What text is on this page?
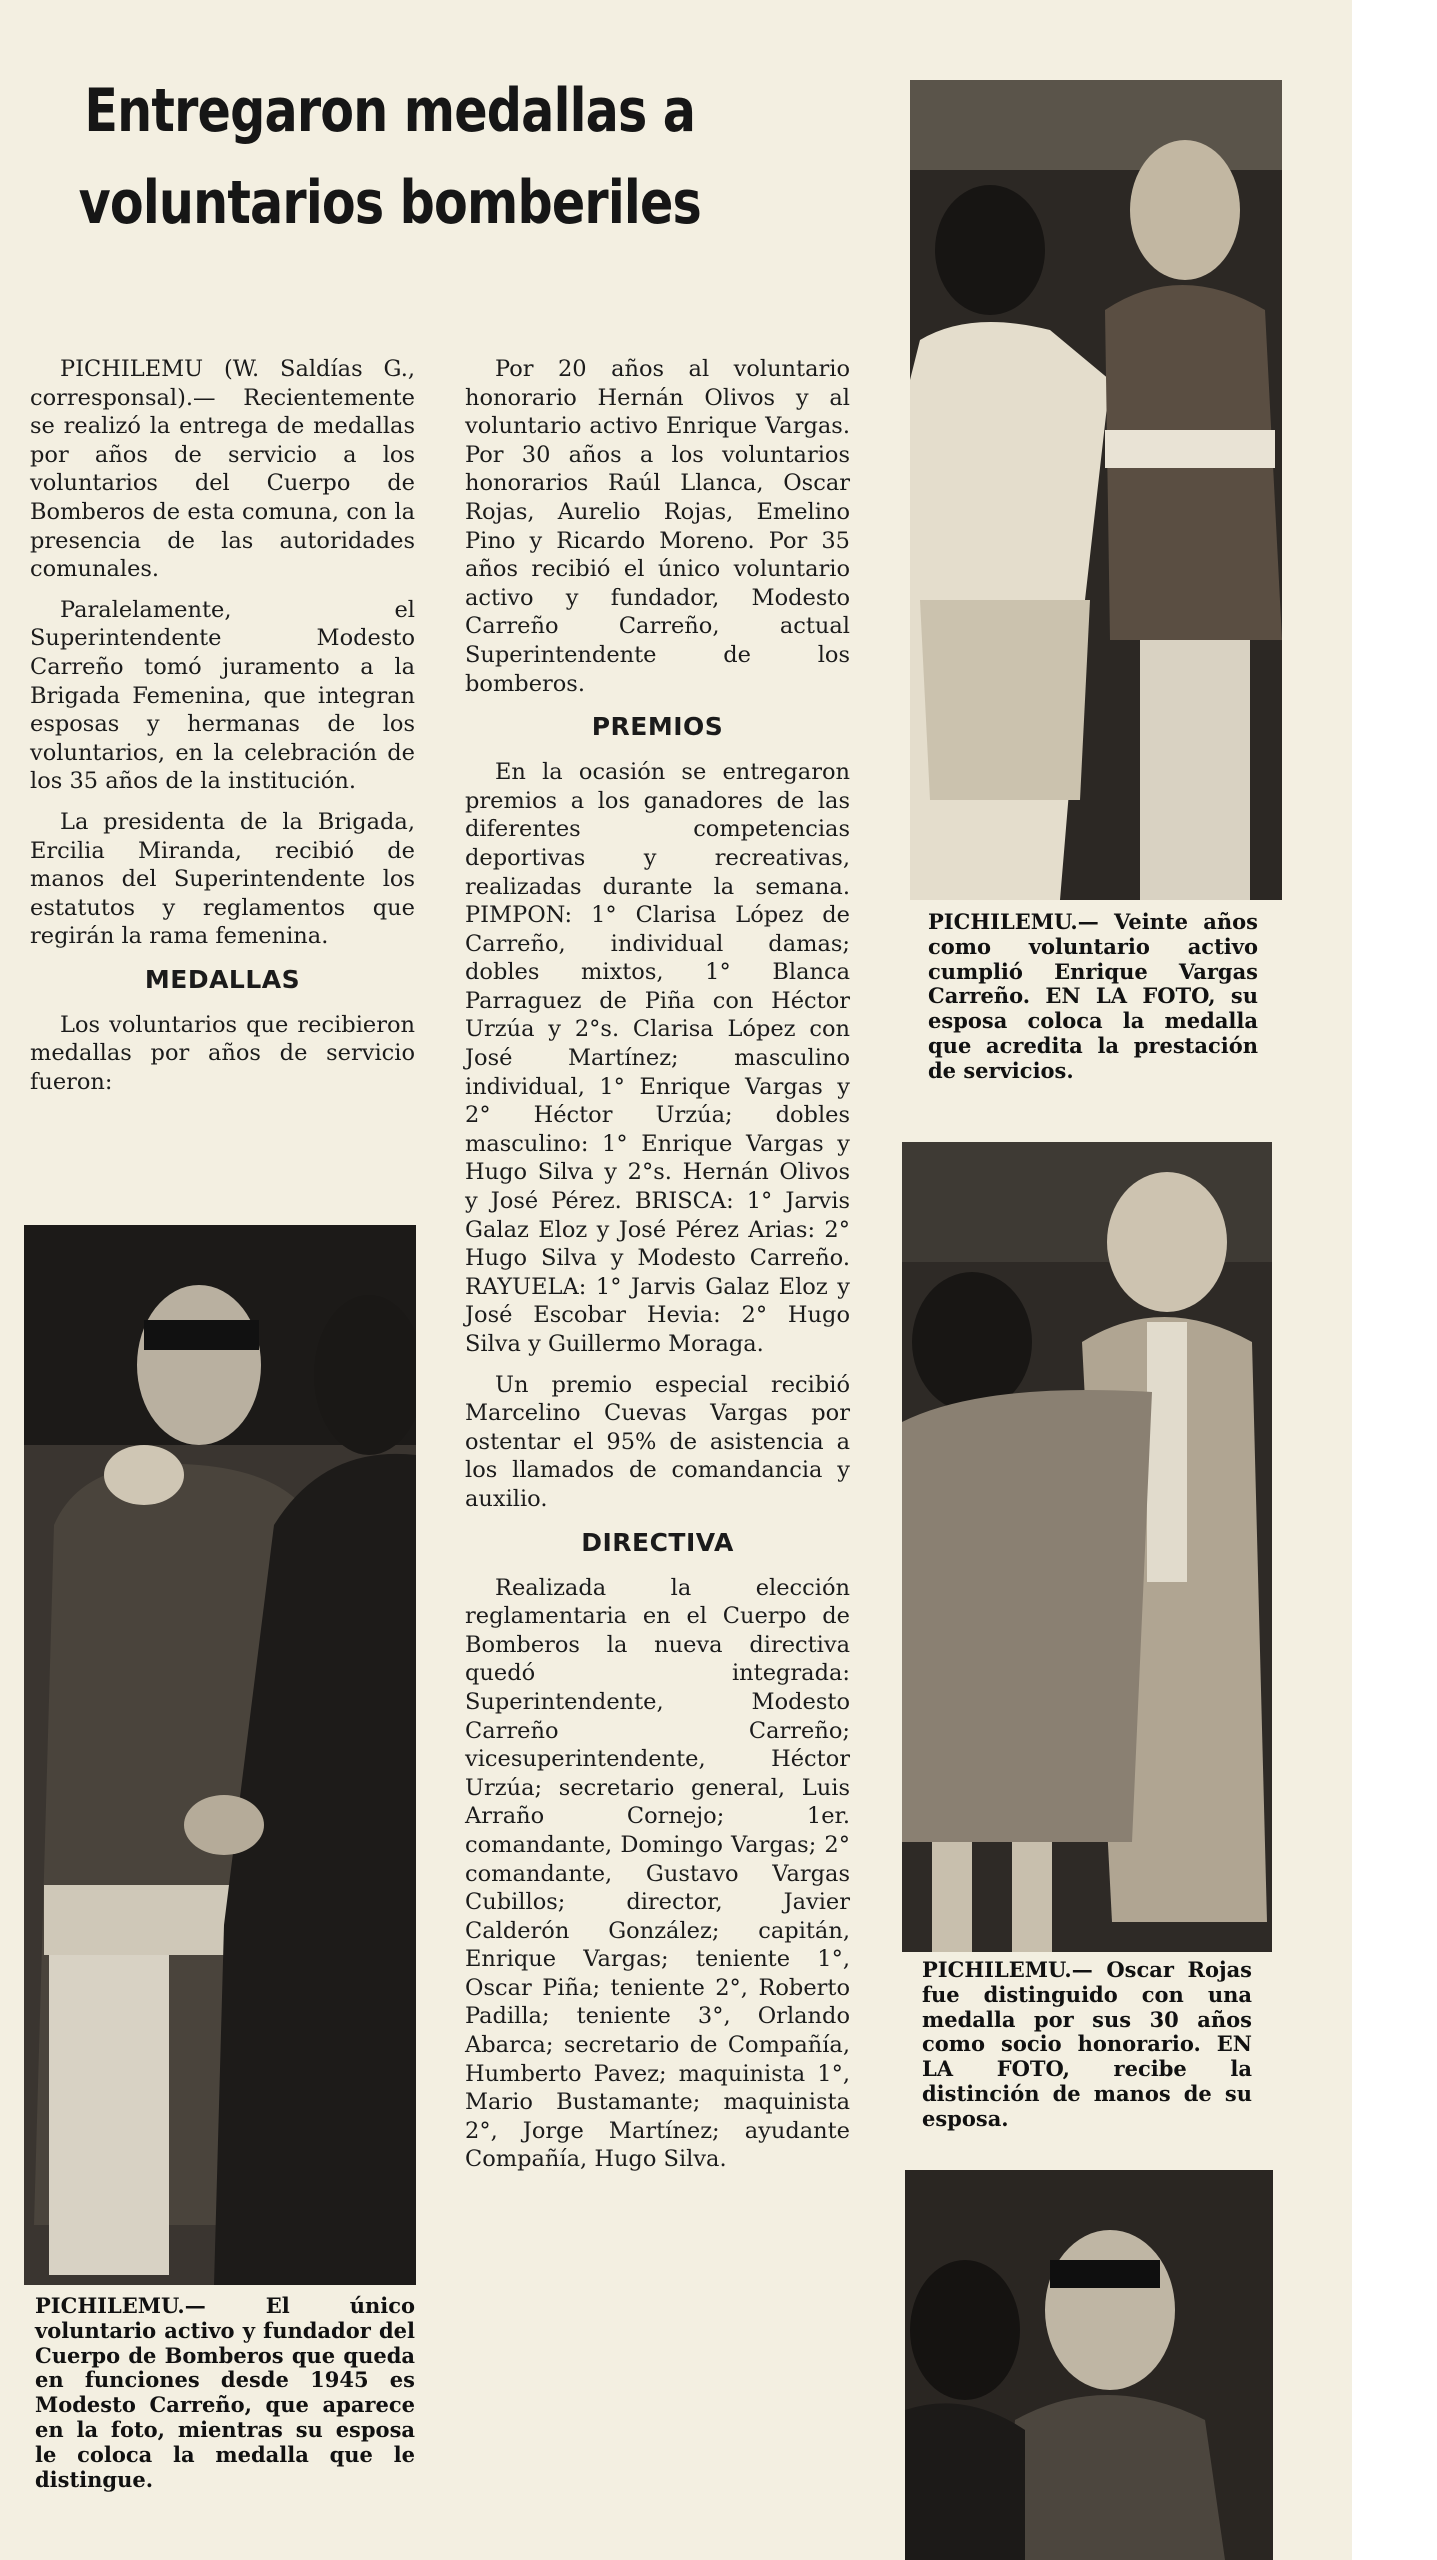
Entregaron medallas a voluntarios bomberiles

PICHILEMU (W. Saldías G., corresponsal).— Recientemente se realizó la entrega de medallas por años de servicio a los voluntarios del Cuerpo de Bomberos de esta comuna, con la presencia de las autoridades comunales.

Paralelamente, el Superintendente Modesto Carreño tomó juramento a la Brigada Femenina, que integran esposas y hermanas de los voluntarios, en la celebración de los 35 años de la institución.

La presidenta de la Brigada, Ercilia Miranda, recibió de manos del Superintendente los estatutos y reglamentos que regirán la rama femenina.

MEDALLAS

Los voluntarios que recibieron medallas por años de servicio fueron:

PICHILEMU.— El único voluntario activo y fundador del Cuerpo de Bomberos que queda en funciones desde 1945 es Modesto Carreño, que aparece en la foto, mientras su esposa le coloca la medalla que le distingue.

Por 20 años al voluntario honorario Hernán Olivos y al voluntario activo Enrique Vargas. Por 30 años a los voluntarios honorarios Raúl Llanca, Oscar Rojas, Aurelio Rojas, Emelino Pino y Ricardo Moreno. Por 35 años recibió el único voluntario activo y fundador, Modesto Carreño Carreño, actual Superintendente de los bomberos.

PREMIOS

En la ocasión se entregaron premios a los ganadores de las diferentes competencias deportivas y recreativas, realizadas durante la semana. PIMPON: 1° Clarisa López de Carreño, individual damas; dobles mixtos, 1° Blanca Parraguez de Piña con Héctor Urzúa y 2°s. Clarisa López con José Martínez; masculino individual, 1° Enrique Vargas y 2° Héctor Urzúa; dobles masculino: 1° Enrique Vargas y Hugo Silva y 2°s. Hernán Olivos y José Pérez. BRISCA: 1° Jarvis Galaz Eloz y José Pérez Arias: 2° Hugo Silva y Modesto Carreño. RAYUELA: 1° Jarvis Galaz Eloz y José Escobar Hevia: 2° Hugo Silva y Guillermo Moraga.

Un premio especial recibió Marcelino Cuevas Vargas por ostentar el 95% de asistencia a los llamados de comandancia y auxilio.

DIRECTIVA

Realizada la elección reglamentaria en el Cuerpo de Bomberos la nueva directiva quedó integrada: Superintendente, Modesto Carreño Carreño; vicesuperintendente, Héctor Urzúa; secretario general, Luis Arraño Cornejo; 1er. comandante, Domingo Vargas; 2° comandante, Gustavo Vargas Cubillos; director, Javier Calderón González; capitán, Enrique Vargas; teniente 1°, Oscar Piña; teniente 2°, Roberto Padilla; teniente 3°, Orlando Abarca; secretario de Compañía, Humberto Pavez; maquinista 1°, Mario Bustamante; maquinista 2°, Jorge Martínez; ayudante Compañía, Hugo Silva.

PICHILEMU.— Veinte años como voluntario activo cumplió Enrique Vargas Carreño. EN LA FOTO, su esposa coloca la medalla que acredita la prestación de servicios.
PICHILEMU.— Oscar Rojas fue distinguido con una medalla por sus 30 años como socio honorario. EN LA FOTO, recibe la distinción de manos de su esposa.
